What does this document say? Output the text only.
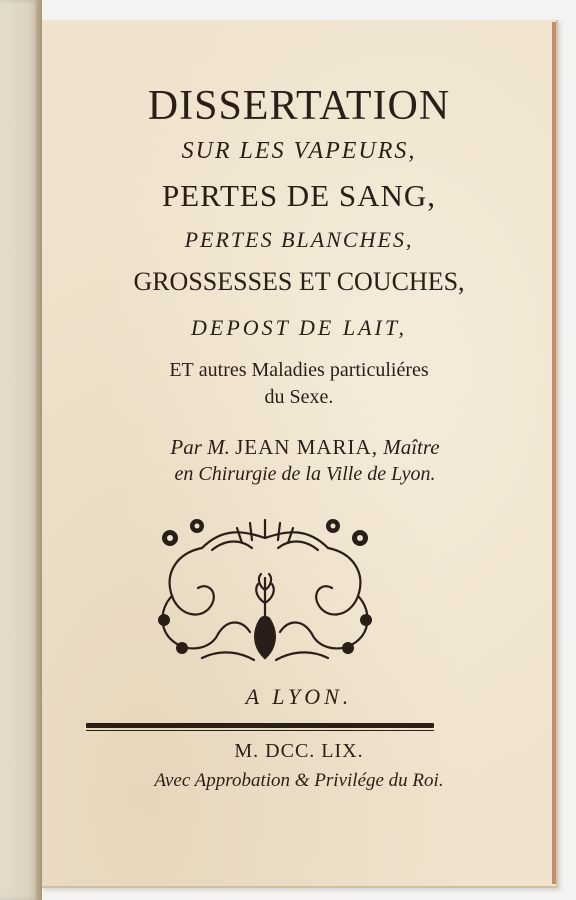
DISSERTATION
SUR LES VAPEURS,
PERTES DE SANG,
PERTES BLANCHES,
GROSSESSES ET COUCHES,
DEPOST DE LAIT,
ET autres Maladies particuliéres
du Sexe.
Par M. JEAN MARIA, Maître
en Chirurgie de la Ville de Lyon.
A LYON.
M. DCC. LIX.
Avec Approbation & Privilége du Roi.
